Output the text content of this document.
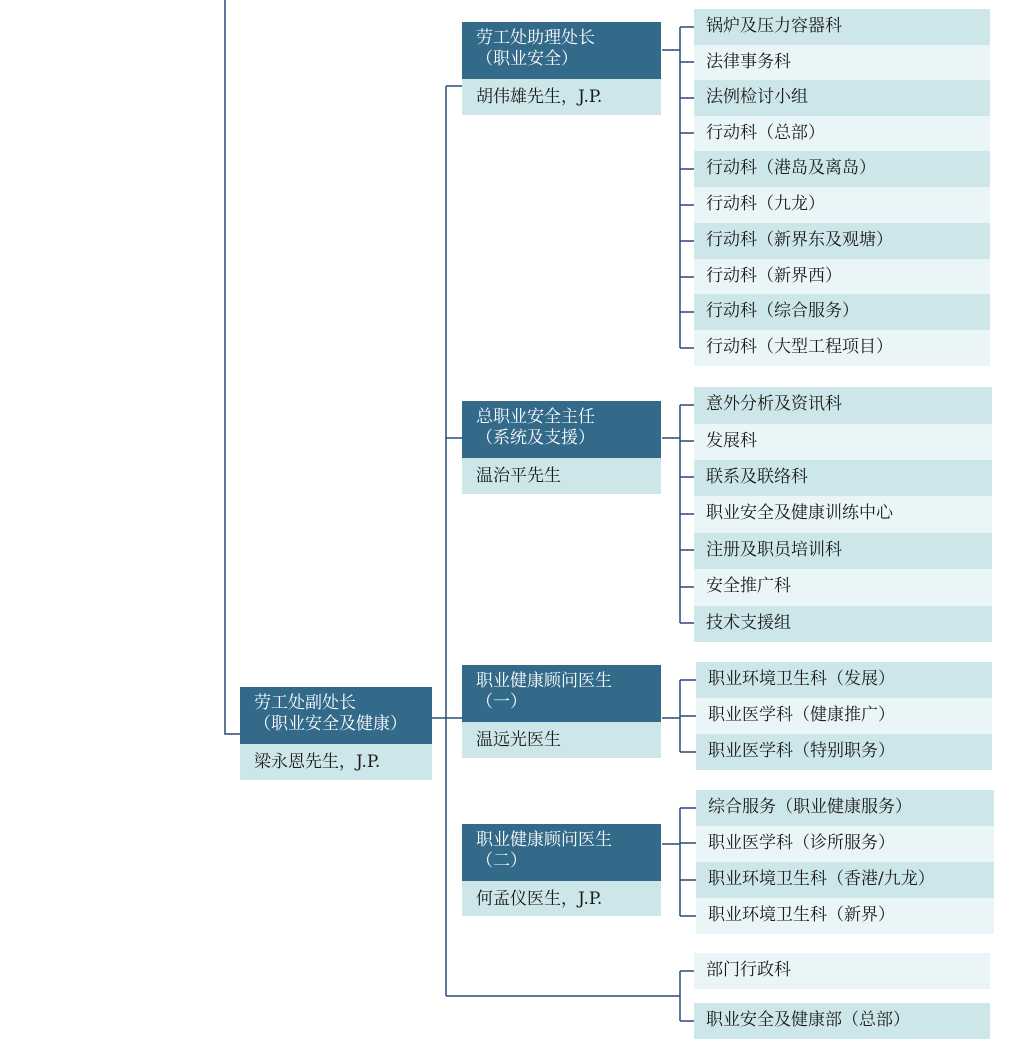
劳工处副处长
（职业安全及健康）
梁永恩先生，J.P.
劳工处助理处长
（职业安全）
胡伟雄先生，J.P.
锅炉及压力容器科
法律事务科
法例检讨小组
行动科（总部）
行动科（港岛及离岛）
行动科（九龙）
行动科（新界东及观塘）
行动科（新界西）
行动科（综合服务）
行动科（大型工程项目）
总职业安全主任
（系统及支援）
温治平先生
意外分析及资讯科
发展科
联系及联络科
职业安全及健康训练中心
注册及职员培训科
安全推广科
技术支援组
职业健康顾问医生
（一）
温远光医生
职业环境卫生科（发展）
职业医学科（健康推广）
职业医学科（特别职务）
职业健康顾问医生
（二）
何孟仪医生，J.P.
综合服务（职业健康服务）
职业医学科（诊所服务）
职业环境卫生科（香港/九龙）
职业环境卫生科（新界）
部门行政科
职业安全及健康部（总部）
